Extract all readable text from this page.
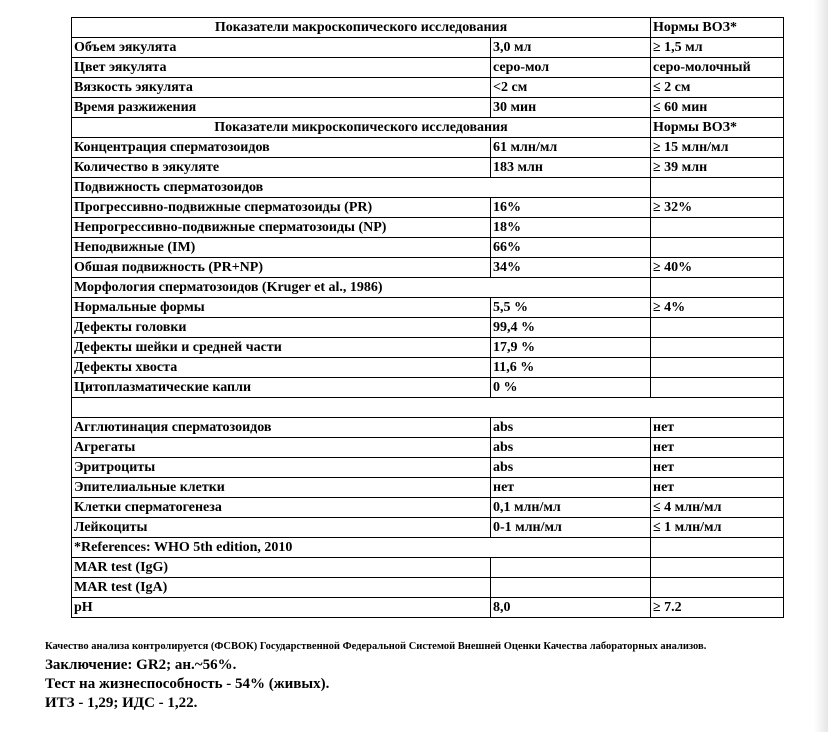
Показатели макроскопического исследования		Нормы ВОЗ*
Объем эякулята	3,0 мл	≥ 1,5 мл
Цвет эякулята	серо-мол	серо-молочный
Вязкость эякулята	<2 см	≤ 2 см
Время разжижения	30 мин	≤ 60 мин
Показатели микроскопического исследования		Нормы ВОЗ*
Концентрация сперматозоидов	61 млн/мл	≥ 15 млн/мл
Количество в эякуляте	183 млн	≥ 39 млн
Подвижность сперматозоидов		
Прогрессивно-подвижные сперматозоиды (PR)	16%	≥ 32%
Непрогрессивно-подвижные сперматозоиды (NP)	18%	
Неподвижные (IM)	66%	
Обшая подвижность (PR+NP)	34%	≥ 40%
Морфология сперматозоидов (Kruger et al., 1986)		
Нормальные формы	5,5 %	≥ 4%
Дефекты головки	99,4 %	
Дефекты шейки и средней части	17,9 %	
Дефекты хвоста	11,6 %	
Цитоплазматические капли	0 %	

Агглютинация сперматозоидов	abs	нет
Агрегаты	abs	нет
Эритроциты	abs	нет
Эпителиальные клетки	нет	нет
Клетки сперматогенеза	0,1 млн/мл	≤ 4 млн/мл
Лейкоциты	0-1 млн/мл	≤ 1 млн/мл
*References: WHO 5th edition, 2010		
MAR test (IgG)		
MAR test (IgA)		
pH	8,0	≥ 7.2
Качество анализа контролируется (ФСВОК) Государственной Федеральной Системой Внешней Оценки Качества лабораторных анализов.
Заключение: GR2; ан.~56%.
Тест на жизнеспособность - 54% (живых).
ИТЗ - 1,29; ИДС - 1,22.
